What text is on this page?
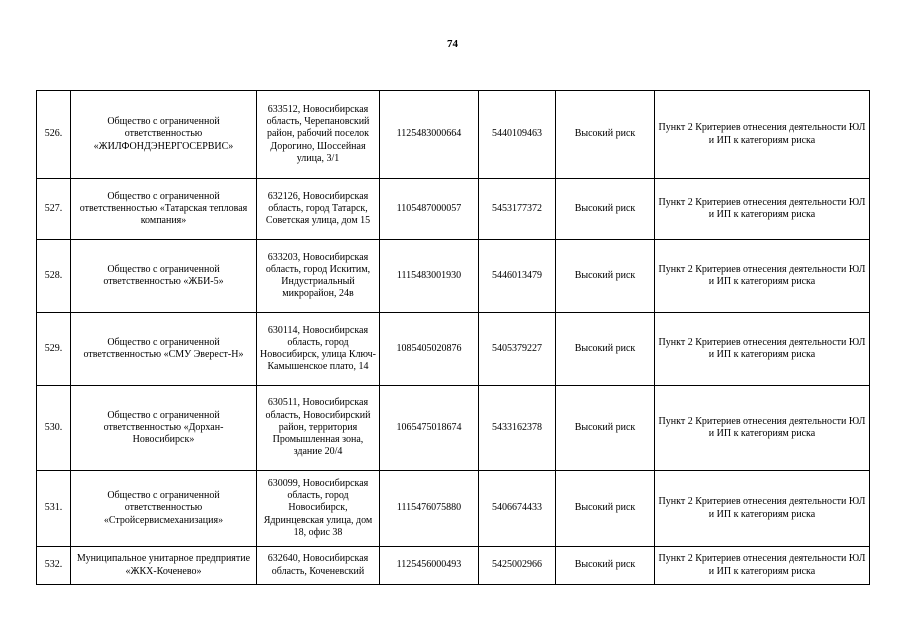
74
526.	Общество с ограниченной ответственностью «ЖИЛФОНДЭНЕРГОСЕРВИС»	633512, Новосибирская область, Черепановский район, рабочий поселок Дорогино, Шоссейная улица, 3/1	1125483000664	5440109463	Высокий риск	Пункт 2 Критериев отнесения деятельности ЮЛ и ИП к категориям риска
527.	Общество с ограниченной ответственностью «Татарская тепловая компания»	632126, Новосибирская область, город Татарск, Советская улица, дом 15	1105487000057	5453177372	Высокий риск	Пункт 2 Критериев отнесения деятельности ЮЛ и ИП к категориям риска
528.	Общество с ограниченной ответственностью «ЖБИ-5»	633203, Новосибирская область, город Искитим, Индустриальный микрорайон, 24в	1115483001930	5446013479	Высокий риск	Пункт 2 Критериев отнесения деятельности ЮЛ и ИП к категориям риска
529.	Общество с ограниченной ответственностью «СМУ Эверест-Н»	630114, Новосибирская область, город Новосибирск, улица Ключ-Камышенское плато, 14	1085405020876	5405379227	Высокий риск	Пункт 2 Критериев отнесения деятельности ЮЛ и ИП к категориям риска
530.	Общество с ограниченной ответственностью «Дорхан-Новосибирск»	630511, Новосибирская область, Новосибирский район, территория Промышленная зона, здание 20/4	1065475018674	5433162378	Высокий риск	Пункт 2 Критериев отнесения деятельности ЮЛ и ИП к категориям риска
531.	Общество с ограниченной ответственностью «Стройсервисмеханизация»	630099, Новосибирская область, город Новосибирск, Ядринцевская улица, дом 18, офис 38	1115476075880	5406674433	Высокий риск	Пункт 2 Критериев отнесения деятельности ЮЛ и ИП к категориям риска
532.	Муниципальное унитарное предприятие «ЖКХ-Коченево»	632640, Новосибирская область, Коченевский	1125456000493	5425002966	Высокий риск	Пункт 2 Критериев отнесения деятельности ЮЛ и ИП к категориям риска
